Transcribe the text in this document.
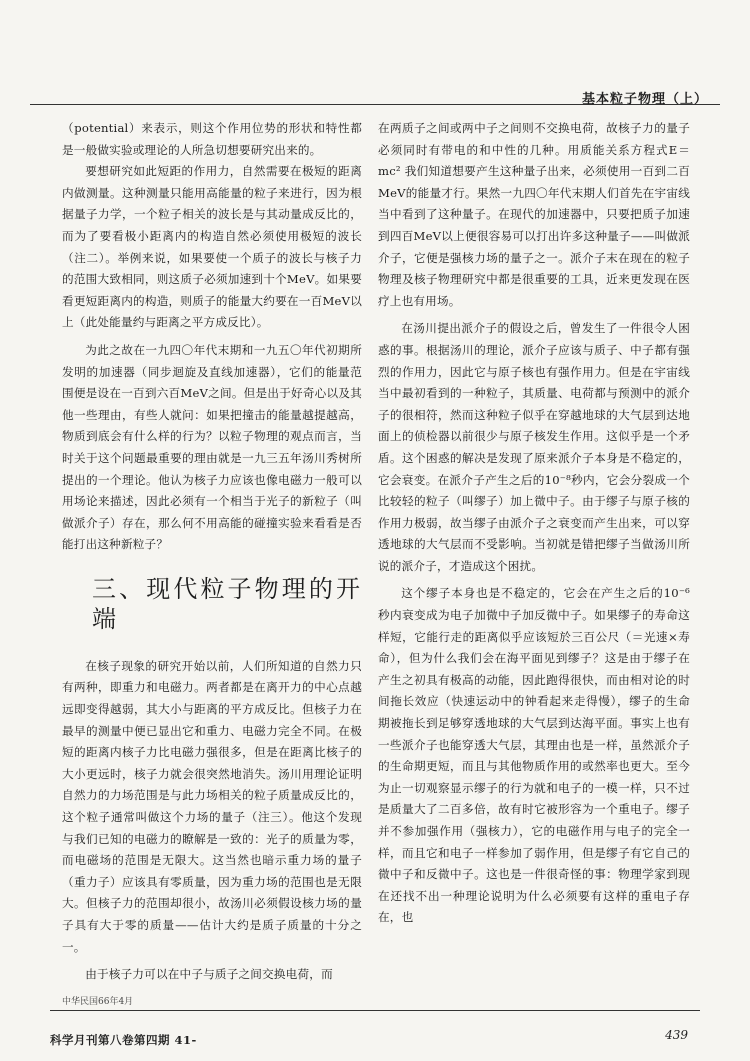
基本粒子物理（上）

（potential）来表示，则这个作用位势的形状和特性都是一般做实验或理论的人所急切想要研究出来的。

要想研究如此短距的作用力，自然需要在极短的距离内做测量。这种测量只能用高能量的粒子来进行，因为根据量子力学，一个粒子相关的波长是与其动量成反比的，而为了要看极小距离内的构造自然必须使用极短的波长（注二）。举例来说，如果要使一个质子的波长与核子力的范围大致相同，则这质子必须加速到十个MeV。如果要看更短距离内的构造，则质子的能量大约要在一百MeV以上（此处能量约与距离之平方成反比）。

为此之故在一九四〇年代末期和一九五〇年代初期所发明的加速器（同步迴旋及直线加速器），它们的能量范围便是设在一百到六百MeV之间。但是出于好奇心以及其他一些理由，有些人就问：如果把撞击的能量越提越高，物质到底会有什么样的行为？以粒子物理的观点而言，当时关于这个问题最重要的理由就是一九三五年汤川秀树所提出的一个理论。他认为核子力应该也像电磁力一般可以用场论来描述，因此必须有一个相当于光子的新粒子（叫做派介子）存在，那么何不用高能的碰撞实验来看看是否能打出这种新粒子？

三、现代粒子物理的开端

在核子现象的研究开始以前，人们所知道的自然力只有两种，即重力和电磁力。两者都是在离开力的中心点越远即变得越弱，其大小与距离的平方成反比。但核子力在最早的测量中便已显出它和重力、电磁力完全不同。在极短的距离内核子力比电磁力强很多，但是在距离比核子的大小更远时，核子力就会很突然地消失。汤川用理论证明自然力的力场范围是与此力场相关的粒子质量成反比的，这个粒子通常叫做这个力场的量子（注三）。他这个发现与我们已知的电磁力的瞭解是一致的：光子的质量为零，而电磁场的范围是无限大。这当然也暗示重力场的量子（重力子）应该具有零质量，因为重力场的范围也是无限大。但核子力的范围却很小，故汤川必须假设核力场的量子具有大于零的质量——估计大约是质子质量的十分之一。

由于核子力可以在中子与质子之间交换电荷，而

在两质子之间或两中子之间则不交换电荷，故核子力的量子必须同时有带电的和中性的几种。用质能关系方程式E＝mc² 我们知道想要产生这种量子出来，必须使用一百到二百MeV的能量才行。果然一九四〇年代末期人们首先在宇宙线当中看到了这种量子。在现代的加速器中，只要把质子加速到四百MeV以上便很容易可以打出许多这种量子——叫做派介子，它便是强核力场的量子之一。派介子末在现在的粒子物理及核子物理研究中都是很重要的工具，近来更发现在医疗上也有用场。

在汤川提出派介子的假设之后，曾发生了一件很令人困惑的事。根据汤川的理论，派介子应该与质子、中子都有强烈的作用力，因此它与原子核也有强作用力。但是在宇宙线当中最初看到的一种粒子，其质量、电荷都与预测中的派介子的很相符，然而这种粒子似乎在穿越地球的大气层到达地面上的侦检器以前很少与原子核发生作用。这似乎是一个矛盾。这个困惑的解决是发现了原来派介子本身是不稳定的，它会衰变。在派介子产生之后的10⁻⁸秒内，它会分裂成一个比较轻的粒子（叫缪子）加上微中子。由于缪子与原子核的作用力极弱，故当缪子由派介子之衰变而产生出来，可以穿透地球的大气层而不受影响。当初就是错把缪子当做汤川所说的派介子，才造成这个困扰。

这个缪子本身也是不稳定的，它会在产生之后的10⁻⁶ 秒内衰变成为电子加微中子加反微中子。如果缪子的寿命这样短，它能行走的距离似乎应该短於三百公尺（＝光速×寿命），但为什么我们会在海平面见到缪子？这是由于缪子在产生之初具有极高的动能，因此跑得很快，而由相对论的时间拖长效应（快速运动中的钟看起来走得慢），缪子的生命期被拖长到足够穿透地球的大气层到达海平面。事实上也有一些派介子也能穿透大气层，其理由也是一样，虽然派介子的生命期更短，而且与其他物质作用的或然率也更大。至今为止一切观察显示缪子的行为就和电子的一模一样，只不过是质量大了二百多倍，故有时它被形容为一个重电子。缪子并不参加强作用（强核力），它的电磁作用与电子的完全一样，而且它和电子一样参加了弱作用，但是缪子有它自己的微中子和反微中子。这也是一件很奇怪的事：物理学家到现在还找不出一种理论说明为什么必须要有这样的重电子存在，也

中华民国66年4月
科学月刊第八卷第四期 41-	439
